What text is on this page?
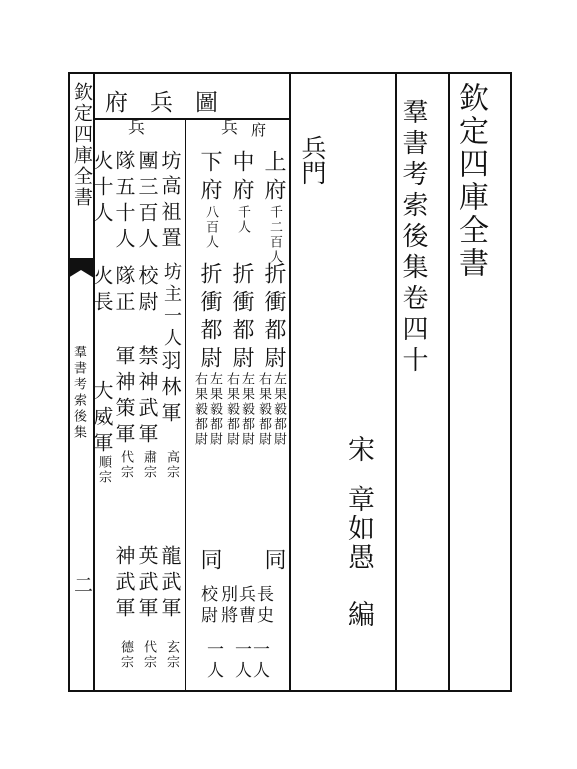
欽定四庫全書
羣書考索後集
二
欽定四庫全書
羣書考索後集卷四十
宋
章如愚
編
兵門
府兵圖
府
兵
兵
上府
千二百人
折衝都尉
左果毅都尉
右果毅都尉
同
長史
兵曹
一人
中府
千人
折衝都尉
左果毅都尉
右果毅都尉
一人
下府
八百人
折衝都尉
左果毅都尉
右果毅都尉
同
別將
校尉
一人
坊
高祖置
坊主一人
羽林軍
高宗
龍武軍
玄宗
團三百人
校尉
禁神武軍
肅宗
英武軍
代宗
隊五十人
隊正
軍神策軍
代宗
神武軍
德宗
火十人
火長
大威軍
順宗
